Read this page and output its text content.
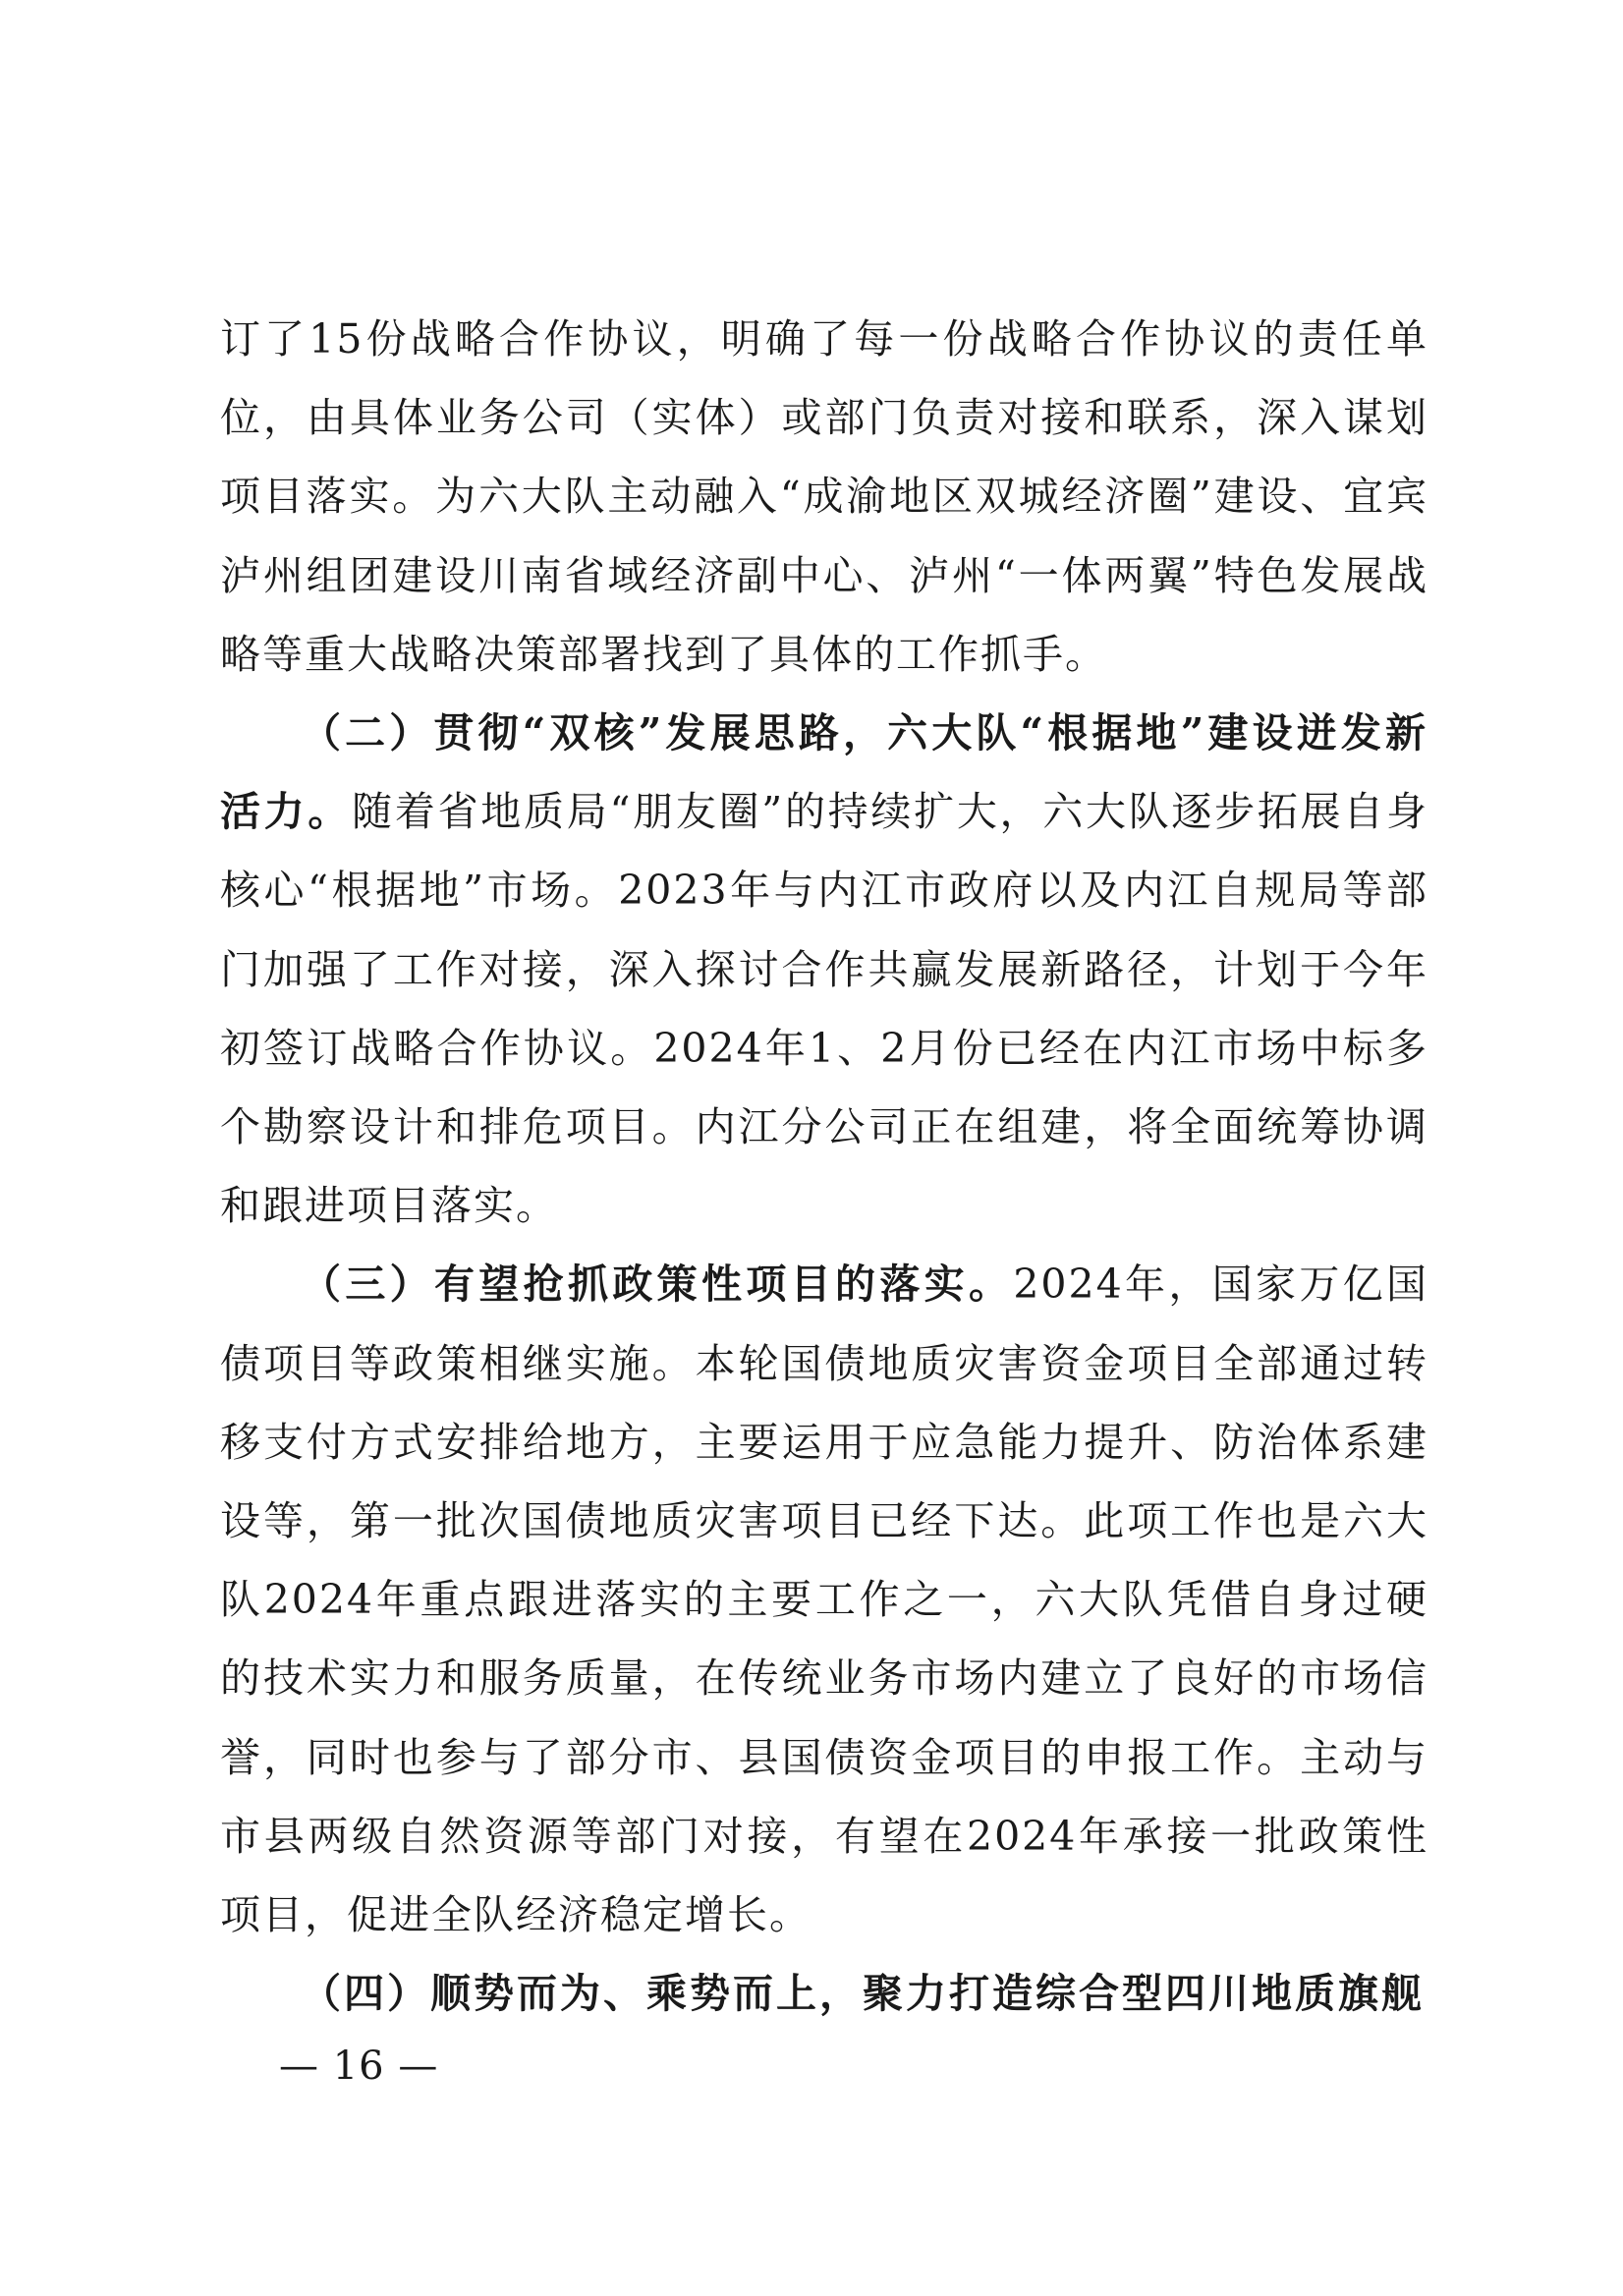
订了15份战略合作协议，明确了每一份战略合作协议的责任单位，由具体业务公司（实体）或部门负责对接和联系，深入谋划项目落实。为六大队主动融入“成渝地区双城经济圈”建设、宜宾泸州组团建设川南省域经济副中心、泸州“一体两翼”特色发展战略等重大战略决策部署找到了具体的工作抓手。

（二）贯彻“双核”发展思路，六大队“根据地”建设迸发新活力。随着省地质局“朋友圈”的持续扩大，六大队逐步拓展自身核心“根据地”市场。2023年与内江市政府以及内江自规局等部门加强了工作对接，深入探讨合作共赢发展新路径，计划于今年初签订战略合作协议。2024年1、2月份已经在内江市场中标多个勘察设计和排危项目。内江分公司正在组建，将全面统筹协调和跟进项目落实。

（三）有望抢抓政策性项目的落实。2024年，国家万亿国债项目等政策相继实施。本轮国债地质灾害资金项目全部通过转移支付方式安排给地方，主要运用于应急能力提升、防治体系建设等，第一批次国债地质灾害项目已经下达。此项工作也是六大队2024年重点跟进落实的主要工作之一，六大队凭借自身过硬的技术实力和服务质量，在传统业务市场内建立了良好的市场信誉，同时也参与了部分市、县国债资金项目的申报工作。主动与市县两级自然资源等部门对接，有望在2024年承接一批政策性项目，促进全队经济稳定增长。

（四）顺势而为、乘势而上，聚力打造综合型四川地质旗舰

— 16 —
